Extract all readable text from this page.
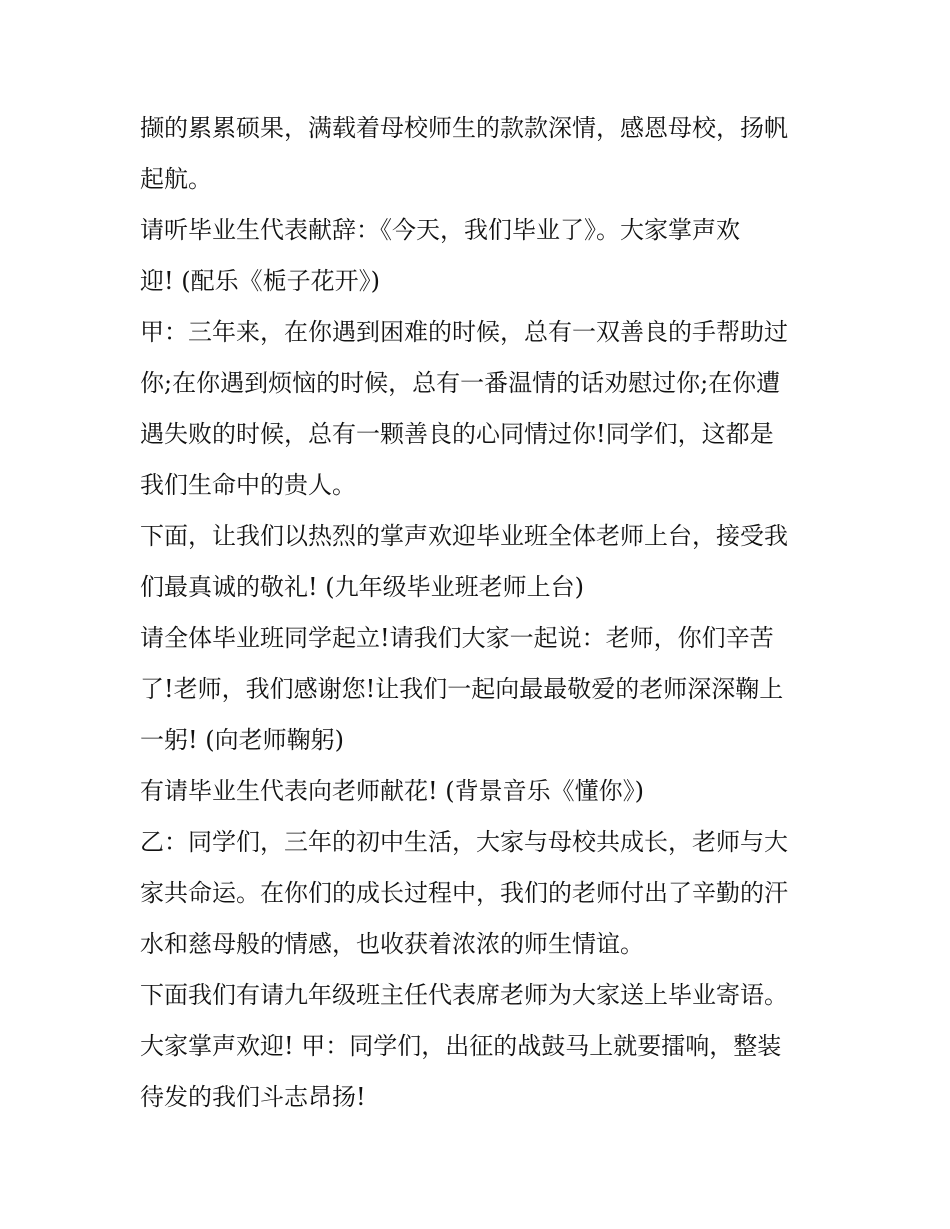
撷的累累硕果，满载着母校师生的款款深情，感恩母校，扬帆
起航。
请听毕业生代表献辞：《今天，我们毕业了》。大家掌声欢
迎! (配乐《栀子花开》)
甲：三年来，在你遇到困难的时候，总有一双善良的手帮助过
你;在你遇到烦恼的时候，总有一番温情的话劝慰过你;在你遭
遇失败的时候，总有一颗善良的心同情过你!同学们，这都是
我们生命中的贵人。
下面，让我们以热烈的掌声欢迎毕业班全体老师上台，接受我
们最真诚的敬礼! (九年级毕业班老师上台)
请全体毕业班同学起立!请我们大家一起说：老师，你们辛苦
了!老师，我们感谢您!让我们一起向最最敬爱的老师深深鞠上
一躬! (向老师鞠躬)
有请毕业生代表向老师献花! (背景音乐《懂你》)
乙：同学们，三年的初中生活，大家与母校共成长，老师与大
家共命运。在你们的成长过程中，我们的老师付出了辛勤的汗
水和慈母般的情感，也收获着浓浓的师生情谊。
下面我们有请九年级班主任代表席老师为大家送上毕业寄语。
大家掌声欢迎! 甲：同学们，出征的战鼓马上就要擂响，整装
待发的我们斗志昂扬!
